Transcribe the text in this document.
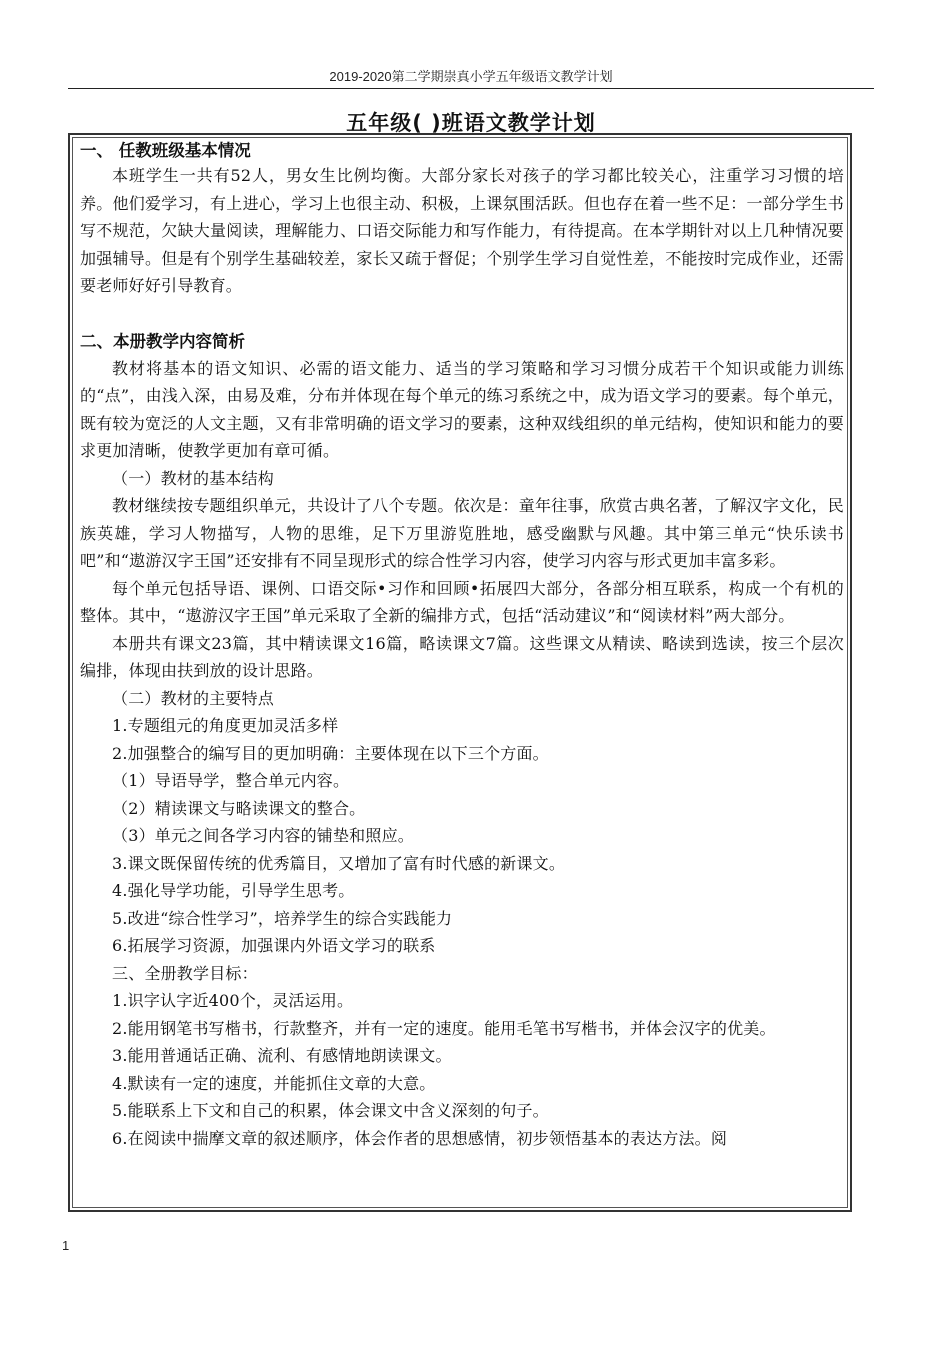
2019-2020第二学期崇真小学五年级语文教学计划
五年级( )班语文教学计划

一、 任教班级基本情况

本班学生一共有52人，男女生比例均衡。大部分家长对孩子的学习都比较关心，注重学习习惯的培养。他们爱学习，有上进心，学习上也很主动、积极，上课氛围活跃。但也存在着一些不足：一部分学生书写不规范，欠缺大量阅读，理解能力、口语交际能力和写作能力，有待提高。在本学期针对以上几种情况要加强辅导。但是有个别学生基础较差，家长又疏于督促；个别学生学习自觉性差，不能按时完成作业，还需要老师好好引导教育。

二、本册教学内容简析

教材将基本的语文知识、必需的语文能力、适当的学习策略和学习习惯分成若干个知识或能力训练的“点”，由浅入深，由易及难，分布并体现在每个单元的练习系统之中，成为语文学习的要素。每个单元，既有较为宽泛的人文主题，又有非常明确的语文学习的要素，这种双线组织的单元结构，使知识和能力的要求更加清晰，使教学更加有章可循。

（一）教材的基本结构

教材继续按专题组织单元，共设计了八个专题。依次是：童年往事，欣赏古典名著，了解汉字文化，民族英雄，学习人物描写，人物的思维，足下万里游览胜地，感受幽默与风趣。其中第三单元“快乐读书吧”和“遨游汉字王国”还安排有不同呈现形式的综合性学习内容，使学习内容与形式更加丰富多彩。

每个单元包括导语、课例、口语交际•习作和回顾•拓展四大部分，各部分相互联系，构成一个有机的整体。其中，“遨游汉字王国”单元采取了全新的编排方式，包括“活动建议”和“阅读材料”两大部分。

本册共有课文23篇，其中精读课文16篇，略读课文7篇。这些课文从精读、略读到选读，按三个层次编排，体现由扶到放的设计思路。

（二）教材的主要特点

1.专题组元的角度更加灵活多样

2.加强整合的编写目的更加明确：主要体现在以下三个方面。

（1）导语导学，整合单元内容。

（2）精读课文与略读课文的整合。

（3）单元之间各学习内容的铺垫和照应。

3.课文既保留传统的优秀篇目，又增加了富有时代感的新课文。

4.强化导学功能，引导学生思考。

5.改进“综合性学习”，培养学生的综合实践能力

6.拓展学习资源，加强课内外语文学习的联系

三、全册教学目标：

1.识字认字近400个，灵活运用。

2.能用钢笔书写楷书，行款整齐，并有一定的速度。能用毛笔书写楷书，并体会汉字的优美。

3.能用普通话正确、流利、有感情地朗读课文。

4.默读有一定的速度，并能抓住文章的大意。

5.能联系上下文和自己的积累，体会课文中含义深刻的句子。

6.在阅读中揣摩文章的叙述顺序，体会作者的思想感情，初步领悟基本的表达方法。阅

1
